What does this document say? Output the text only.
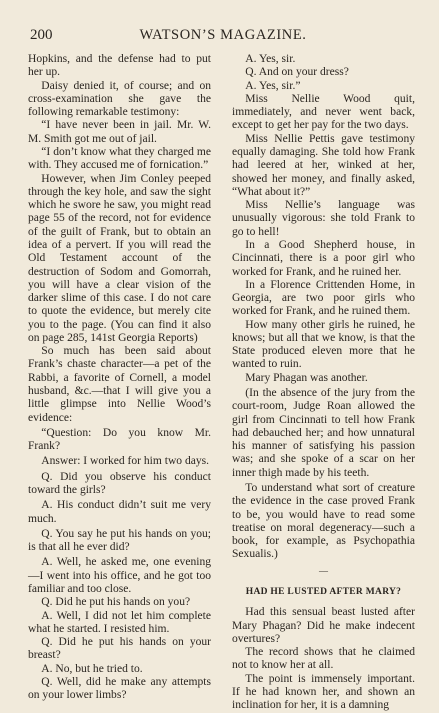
200	WATSON’S MAGAZINE.

Hopkins, and the defense had to put her up.

Daisy denied it, of course; and on cross-examination she gave the following remarkable testimony:

“I have never been in jail. Mr. W. M. Smith got me out of jail.

“I don’t know what they charged me with. They accused me of fornication.”

However, when Jim Conley peeped through the key hole, and saw the sight which he swore he saw, you might read page 55 of the record, not for evidence of the guilt of Frank, but to obtain an idea of a pervert. If you will read the Old Testament account of the destruction of Sodom and Gomorrah, you will have a clear vision of the darker slime of this case. I do not care to quote the evidence, but merely cite you to the page. (You can find it also on page 285, 141st Georgia Reports)

So much has been said about Frank’s chaste character—a pet of the Rabbi, a favorite of Cornell, a model husband, &c.—that I will give you a little glimpse into Nellie Wood’s evidence:

“Question: Do you know Mr. Frank?

Answer: I worked for him two days.

Q. Did you observe his conduct toward the girls?

A. His conduct didn’t suit me very much.

Q. You say he put his hands on you; is that all he ever did?

A. Well, he asked me, one evening —I went into his office, and he got too familiar and too close.

Q. Did he put his hands on you?

A. Well, I did not let him complete what he started. I resisted him.

Q. Did he put his hands on your breast?

A. No, but he tried to.

Q. Well, did he make any attempts on your lower limbs?

A. Yes, sir.

Q. And on your dress?

A. Yes, sir.”

Miss Nellie Wood quit, immediately, and never went back, except to get her pay for the two days.

Miss Nellie Pettis gave testimony equally damaging. She told how Frank had leered at her, winked at her, showed her money, and finally asked, “What about it?”

Miss Nellie’s language was unusually vigorous: she told Frank to go to hell!

In a Good Shepherd house, in Cincinnati, there is a poor girl who worked for Frank, and he ruined her.

In a Florence Crittenden Home, in Georgia, are two poor girls who worked for Frank, and he ruined them.

How many other girls he ruined, he knows; but all that we know, is that the State produced eleven more that he wanted to ruin.

Mary Phagan was another.

(In the absence of the jury from the court-room, Judge Roan allowed the girl from Cincinnati to tell how Frank had debauched her; and how unnatural his manner of satisfying his passion was; and she spoke of a scar on her inner thigh made by his teeth.

To understand what sort of creature the evidence in the case proved Frank to be, you would have to read some treatise on moral degeneracy—such a book, for example, as Psychopathia Sexualis.)

—
HAD HE LUSTED AFTER MARY?

Had this sensual beast lusted after Mary Phagan? Did he make indecent overtures?

The record shows that he claimed not to know her at all.

The point is immensely important. If he had known her, and shown an inclination for her, it is a damning
